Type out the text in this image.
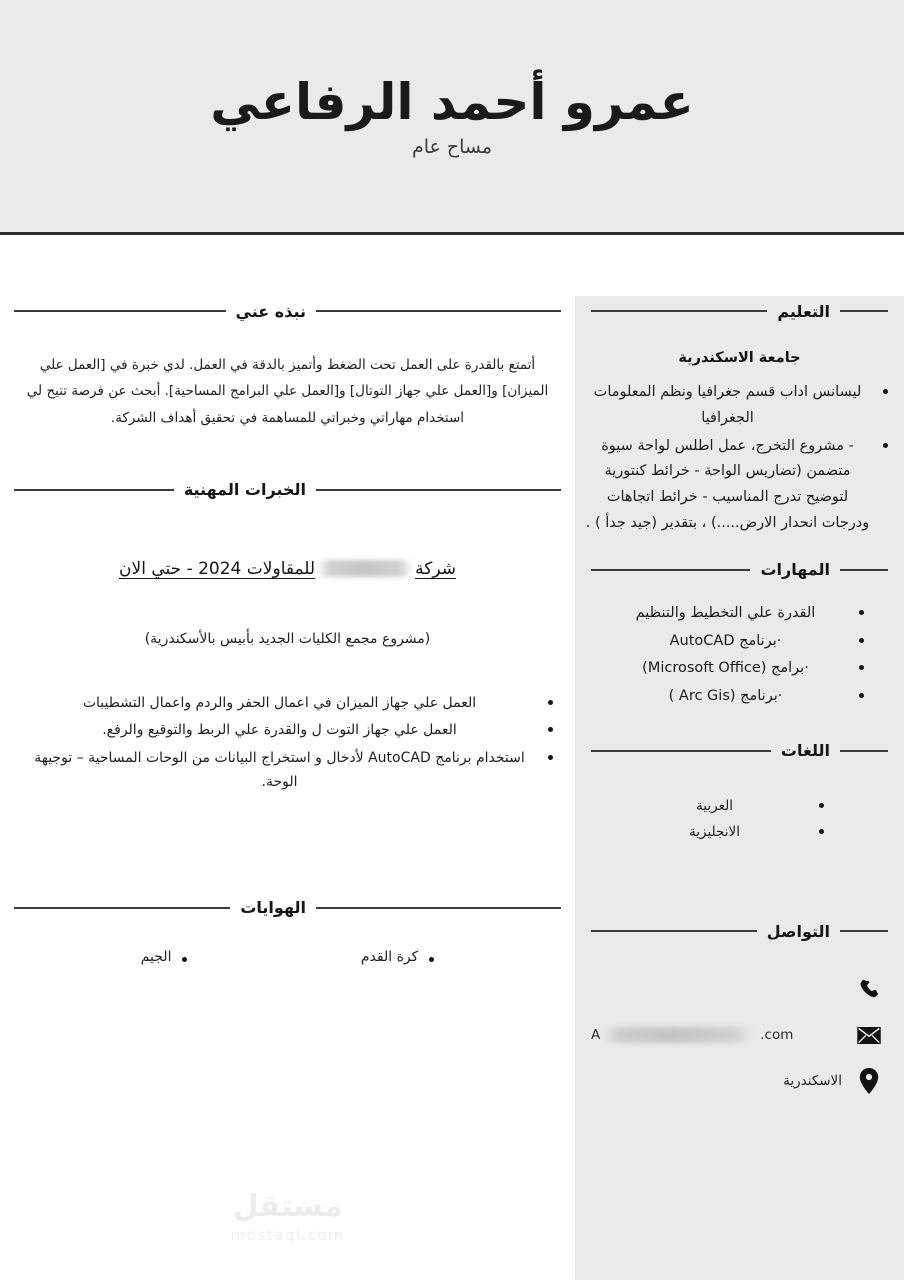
عمرو أحمد الرفاعي
مساح عام
التعليم
جامعة الاسكندرية
ليسانس اداب قسم جغرافيا ونظم المعلومات الجغرافيا
- مشروع التخرج، عمل اطلس لواحة سيوة متضمن (تضاريس الواحة - خرائط كنتورية لتوضيح تدرج المناسيب - خرائط اتجاهات ودرجات انحدار الارض.....) ، بتقدير (جيد جدأ ) .
المهارات
القدرة علي التخطيط والتنظيم
·برنامج AutoCAD
·برامج (Microsoft Office)
·برنامج (Arc Gis )
اللغات
العربية
الانجليزية
التواصل
A	.com
الاسكندرية
نبذه عني

أتمتع بالقدرة على العمل تحت الضغط وأتميز بالدقة في العمل. لدي خبرة في [العمل علي الميزان] و[العمل علي جهاز التوتال] و[العمل علي البرامج المساحية]. أبحث عن فرصة تتيح لي استخدام مهاراتي وخبراتي للمساهمة في تحقيق أهداف الشركة.

الخبرات المهنية
شركةللمقاولات 2024 - حتي الان
(مشروع مجمع الكليات الجديد بأبيس بالأسكندرية)
العمل علي جهاز الميزان في اعمال الحفر والردم واعمال التشطيبات
العمل علي جهاز التوت ل والقدرة علي الربط والتوقيع والرفع.
استخدام برنامج AutoCAD لأدخال و استخراج البيانات من الوحات المساحية – توجيهة الوحة.
الهوايات
كرة القدم
الجيم
مستقل
mostaql.com
